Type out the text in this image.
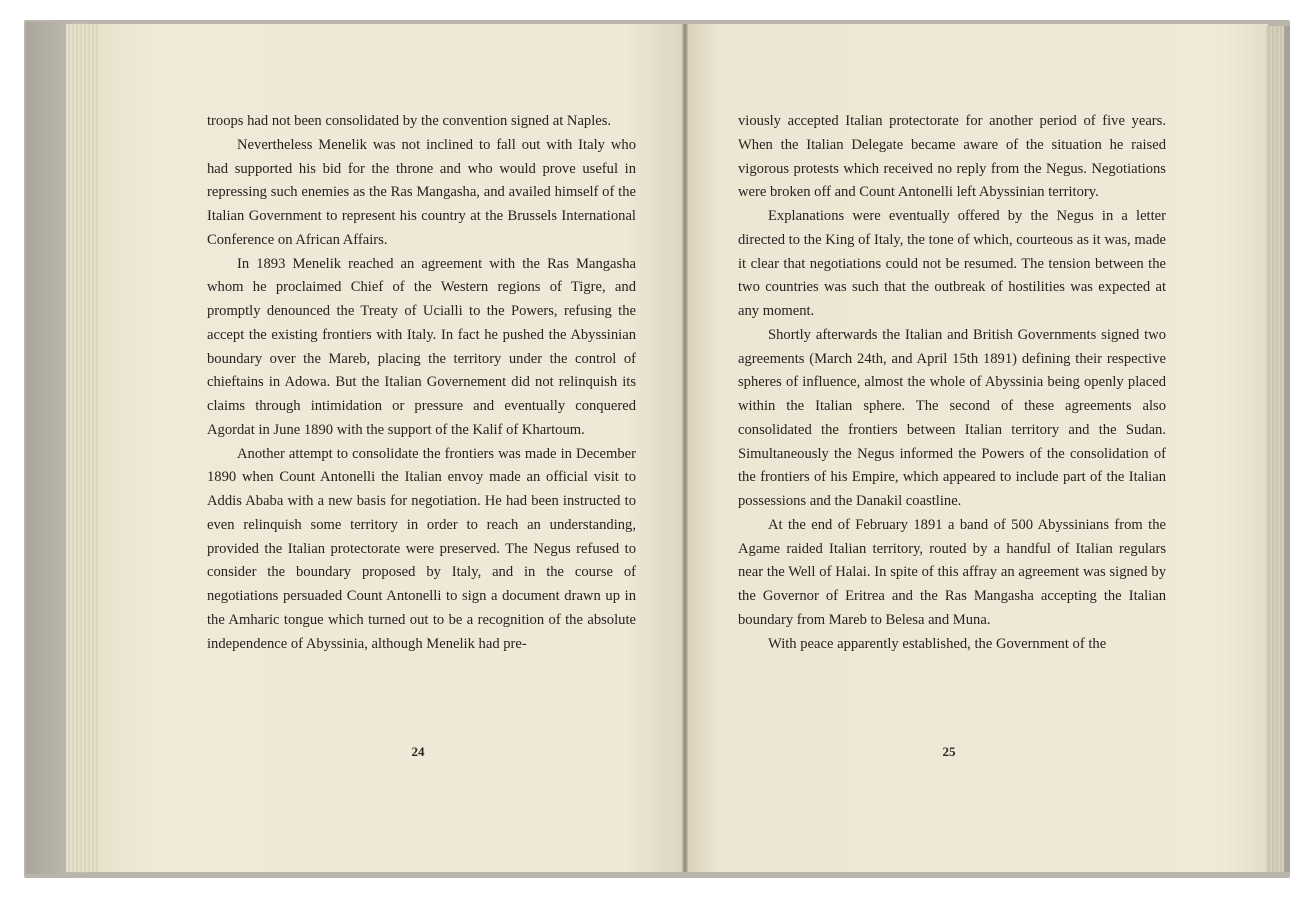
troops had not been consolidated by the convention signed at Naples.

Nevertheless Menelik was not inclined to fall out with Italy who had supported his bid for the throne and who would prove useful in repressing such enemies as the Ras Mangasha, and availed himself of the Italian Government to represent his country at the Brussels International Conference on African Affairs.

In 1893 Menelik reached an agreement with the Ras Mangasha whom he proclaimed Chief of the Western regions of Tigre, and promptly denounced the Treaty of Ucialli to the Powers, refusing the accept the existing frontiers with Italy. In fact he pushed the Abyssinian boundary over the Mareb, placing the territory under the control of chieftains in Adowa. But the Italian Governement did not relinquish its claims through intimidation or pressure and eventually conquered Agordat in June 1890 with the support of the Kalif of Khartoum.

Another attempt to consolidate the frontiers was made in December 1890 when Count Antonelli the Italian envoy made an official visit to Addis Ababa with a new basis for negotiation. He had been instructed to even relinquish some territory in order to reach an understanding, provided the Italian protectorate were preserved. The Negus refused to consider the boundary proposed by Italy, and in the course of negotiations persuaded Count Antonelli to sign a document drawn up in the Amharic tongue which turned out to be a recognition of the absolute independence of Abyssinia, although Menelik had pre-

24

viously accepted Italian protectorate for another period of five years. When the Italian Delegate became aware of the situation he raised vigorous protests which received no reply from the Negus. Negotiations were broken off and Count Antonelli left Abyssinian territory.

Explanations were eventually offered by the Negus in a letter directed to the King of Italy, the tone of which, courteous as it was, made it clear that negotiations could not be resumed. The tension between the two countries was such that the outbreak of hostilities was expected at any moment.

Shortly afterwards the Italian and British Governments signed two agreements (March 24th, and April 15th 1891) defining their respective spheres of influence, almost the whole of Abyssinia being openly placed within the Italian sphere. The second of these agreements also consolidated the frontiers between Italian territory and the Sudan. Simultaneously the Negus informed the Powers of the consolidation of the frontiers of his Empire, which appeared to include part of the Italian possessions and the Danakil coastline.

At the end of February 1891 a band of 500 Abyssinians from the Agame raided Italian territory, routed by a handful of Italian regulars near the Well of Halai. In spite of this affray an agreement was signed by the Governor of Eritrea and the Ras Mangasha accepting the Italian boundary from Mareb to Belesa and Muna.

With peace apparently established, the Government of the

25
